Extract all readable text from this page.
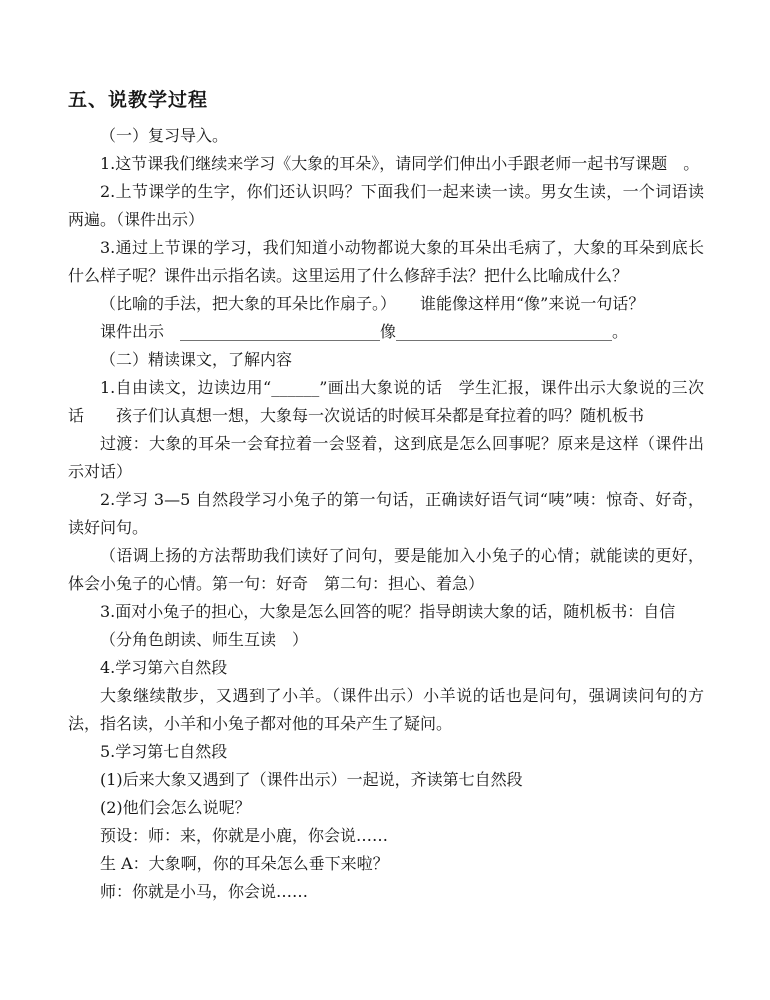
五、说教学过程

（一）复习导入。

1.这节课我们继续来学习《大象的耳朵》，请同学们伸出小手跟老师一起书写课题　。

2.上节课学的生字，你们还认识吗？下面我们一起来读一读。男女生读，一个词语读两遍。（课件出示）

3.通过上节课的学习，我们知道小动物都说大象的耳朵出毛病了，大象的耳朵到底长什么样子呢？课件出示指名读。这里运用了什么修辞手法？把什么比喻成什么？

（比喻的手法，把大象的耳朵比作扇子。）　　谁能像这样用“像”来说一句话？

课件出示　_________________________像___________________________。

（二）精读课文，了解内容

1.自由读文，边读边用“______”画出大象说的话　学生汇报，课件出示大象说的三次话　　孩子们认真想一想，大象每一次说话的时候耳朵都是耷拉着的吗？随机板书

过渡：大象的耳朵一会耷拉着一会竖着，这到底是怎么回事呢？原来是这样（课件出示对话）

2.学习 3—5 自然段学习小兔子的第一句话，正确读好语气词“咦”咦：惊奇、好奇，读好问句。

（语调上扬的方法帮助我们读好了问句，要是能加入小兔子的心情；就能读的更好，体会小兔子的心情。第一句：好奇　第二句：担心、着急）

3.面对小兔子的担心，大象是怎么回答的呢？指导朗读大象的话，随机板书：自信

（分角色朗读、师生互读　）

4.学习第六自然段

大象继续散步，又遇到了小羊。（课件出示）小羊说的话也是问句，强调读问句的方法，指名读，小羊和小兔子都对他的耳朵产生了疑问。

5.学习第七自然段

(1)后来大象又遇到了（课件出示）一起说，齐读第七自然段

(2)他们会怎么说呢？

预设：师：来，你就是小鹿，你会说……

生 A：大象啊，你的耳朵怎么垂下来啦？

师：你就是小马，你会说……
